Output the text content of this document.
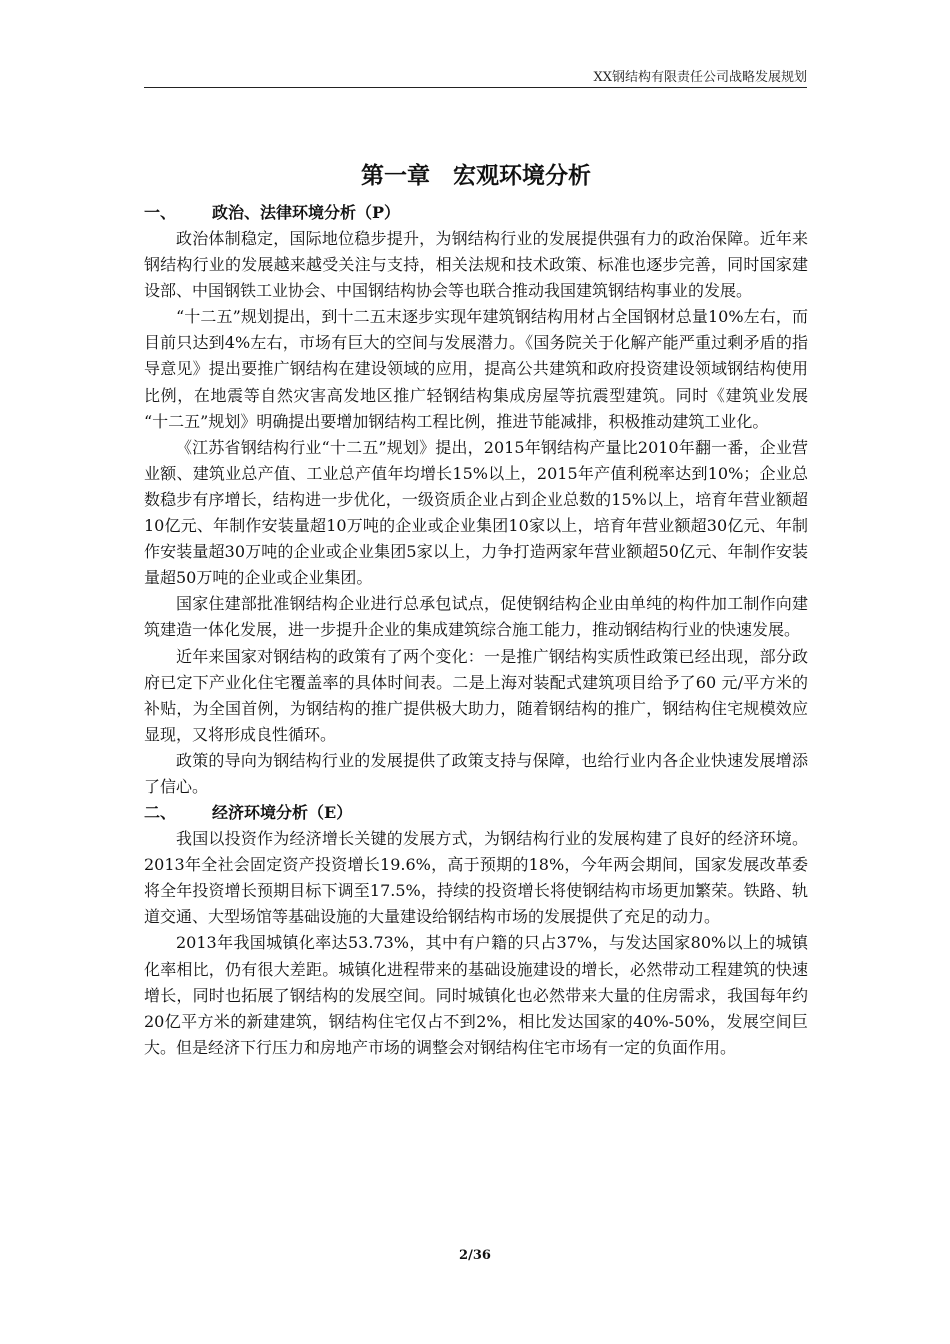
XX钢结构有限责任公司战略发展规划
第一章　宏观环境分析
一、	政治、法律环境分析（P）

政治体制稳定，国际地位稳步提升，为钢结构行业的发展提供强有力的政治保障。近年来钢结构行业的发展越来越受关注与支持，相关法规和技术政策、标准也逐步完善，同时国家建设部、中国钢铁工业协会、中国钢结构协会等也联合推动我国建筑钢结构事业的发展。

“十二五”规划提出，到十二五末逐步实现年建筑钢结构用材占全国钢材总量10%左右，而目前只达到4%左右，市场有巨大的空间与发展潜力。《国务院关于化解产能严重过剩矛盾的指导意见》提出要推广钢结构在建设领域的应用，提高公共建筑和政府投资建设领域钢结构使用比例，在地震等自然灾害高发地区推广轻钢结构集成房屋等抗震型建筑。同时《建筑业发展 “十二五”规划》明确提出要增加钢结构工程比例，推进节能减排，积极推动建筑工业化。

《江苏省钢结构行业“十二五”规划》提出，2015年钢结构产量比2010年翻一番，企业营业额、建筑业总产值、工业总产值年均增长15%以上，2015年产值利税率达到10%；企业总数稳步有序增长，结构进一步优化，一级资质企业占到企业总数的15%以上，培育年营业额超10亿元、年制作安装量超10万吨的企业或企业集团10家以上，培育年营业额超30亿元、年制作安装量超30万吨的企业或企业集团5家以上，力争打造两家年营业额超50亿元、年制作安装量超50万吨的企业或企业集团。

国家住建部批准钢结构企业进行总承包试点，促使钢结构企业由单纯的构件加工制作向建筑建造一体化发展，进一步提升企业的集成建筑综合施工能力，推动钢结构行业的快速发展。

近年来国家对钢结构的政策有了两个变化：一是推广钢结构实质性政策已经出现，部分政府已定下产业化住宅覆盖率的具体时间表。二是上海对装配式建筑项目给予了60 元/平方米的补贴，为全国首例，为钢结构的推广提供极大助力，随着钢结构的推广，钢结构住宅规模效应显现，又将形成良性循环。

政策的导向为钢结构行业的发展提供了政策支持与保障，也给行业内各企业快速发展增添了信心。

二、	经济环境分析（E）

我国以投资作为经济增长关键的发展方式，为钢结构行业的发展构建了良好的经济环境。2013年全社会固定资产投资增长19.6%，高于预期的18%，今年两会期间，国家发展改革委将全年投资增长预期目标下调至17.5%，持续的投资增长将使钢结构市场更加繁荣。铁路、轨道交通、大型场馆等基础设施的大量建设给钢结构市场的发展提供了充足的动力。

2013年我国城镇化率达53.73%，其中有户籍的只占37%，与发达国家80%以上的城镇化率相比，仍有很大差距。城镇化进程带来的基础设施建设的增长，必然带动工程建筑的快速增长，同时也拓展了钢结构的发展空间。同时城镇化也必然带来大量的住房需求，我国每年约20亿平方米的新建建筑，钢结构住宅仅占不到2%，相比发达国家的40%-50%，发展空间巨大。但是经济下行压力和房地产市场的调整会对钢结构住宅市场有一定的负面作用。

2/36
